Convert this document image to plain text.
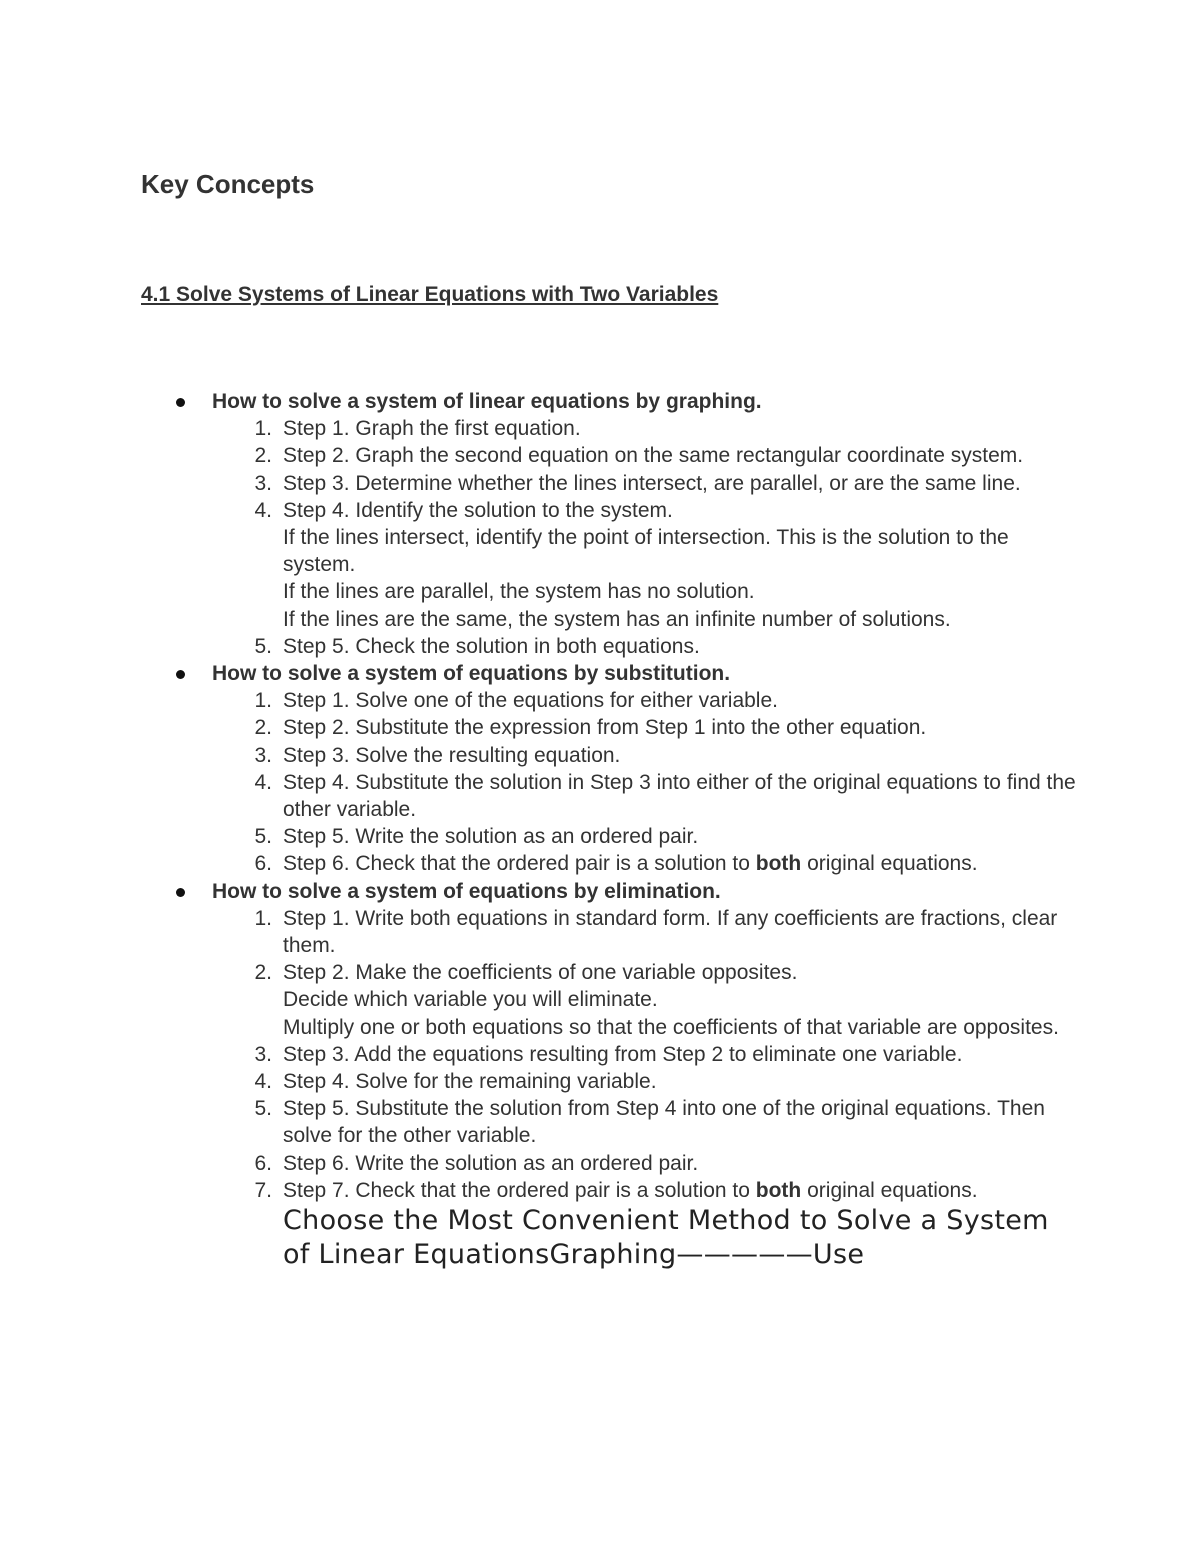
Key Concepts
4.1 Solve Systems of Linear Equations with Two Variables
How to solve a system of linear equations by graphing.
1. Step 1. Graph the first equation.
2. Step 2. Graph the second equation on the same rectangular coordinate system.
3. Step 3. Determine whether the lines intersect, are parallel, or are the same line.
4. Step 4. Identify the solution to the system.
If the lines intersect, identify the point of intersection. This is the solution to the system.
If the lines are parallel, the system has no solution.
If the lines are the same, the system has an infinite number of solutions.
5. Step 5. Check the solution in both equations.
How to solve a system of equations by substitution.
1. Step 1. Solve one of the equations for either variable.
2. Step 2. Substitute the expression from Step 1 into the other equation.
3. Step 3. Solve the resulting equation.
4. Step 4. Substitute the solution in Step 3 into either of the original equations to find the other variable.
5. Step 5. Write the solution as an ordered pair.
6. Step 6. Check that the ordered pair is a solution to both original equations.
How to solve a system of equations by elimination.
1. Step 1. Write both equations in standard form. If any coefficients are fractions, clear them.
2. Step 2. Make the coefficients of one variable opposites.
Decide which variable you will eliminate.
Multiply one or both equations so that the coefficients of that variable are opposites.
3. Step 3. Add the equations resulting from Step 2 to eliminate one variable.
4. Step 4. Solve for the remaining variable.
5. Step 5. Substitute the solution from Step 4 into one of the original equations. Then solve for the other variable.
6. Step 6. Write the solution as an ordered pair.
7. Step 7. Check that the ordered pair is a solution to both original equations.

Choose the Most Convenient Method to Solve a System of Linear EquationsGraphing—————Use
